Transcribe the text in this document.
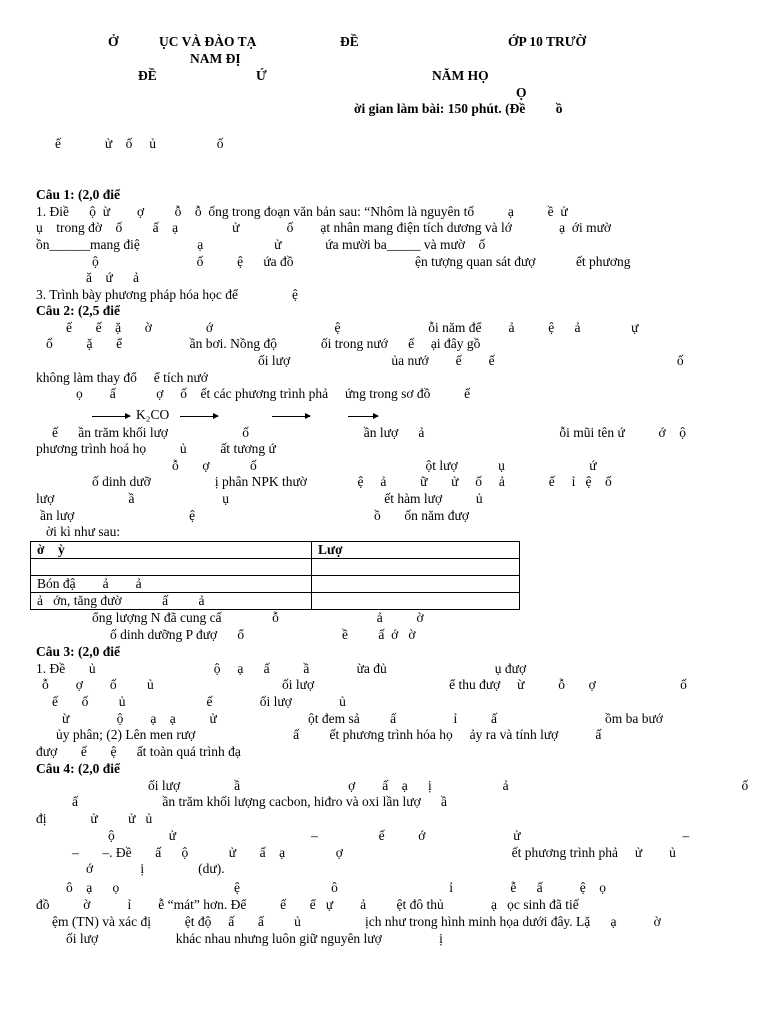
Ở            ỤC VÀ ĐÀO TẠ	ĐỀ	ỚP 10 TRƯỜ
NAM ĐỊ
ĐỀ	Ứ	NĂM HỌ
Ọ
ời gian làm bài: 150 phút. (Đề         ồ
ế             ử    ố     ủ                  ố
Câu 1: (2,0 điể
1. Điề      ộ  ừ        ợ         ỗ    ỗ  ống trong đoạn văn bản sau: “Nhôm là nguyên tố          ạ          ề  ử
ụ    trong đờ    ố         ấ    ạ                ử              ố        ạt nhân mang điện tích dương và lớ              ạ  ới mườ
ồn______mang điệ                 ạ                     ử             ứa mười ba_____ và mườ    ố
ộ                             ố          ệ      ứa đồ                                    ện tượng quan sát đượ            ết phương
ă    ứ      ả
3. Trình bày phương pháp hóa học để                ệ
Câu 2: (2,5 điể
ế       ế    ặ       ờ                ớ                                    ệ                          ỗi năm để        ả          ệ      ả               ự
ố          ặ       ể                    ần bơi. Nồng độ             ối trong nướ      ế     ại đây gồ
ối lượ                              ủa nướ        ế        ế                                                      ố
không làm thay đổ     ể tích nướ
ọ        ấ            ợ     ố    ết các phương trình phả     ứng trong sơ đồ          ế
K₂CO
ế      ần trăm khối lượ                      ố                                  ần lượ      ả                                        ỗi mũi tên ứ          ớ    ộ
phương trình hoá họ          ủ          ất tương ứ
ỗ       ợ            ố                                                  ột lượ            ụ                         ứ
ố dinh dưỡ                   ị phân NPK thườ               ệ     ả          ữ       ử     ố     ả             ế     ỉ   ệ    ố
lượ                      ầ                          ụ                                              ết hàm lượ          ủ
ần lượ                                  ệ                                                     ồ       ốn năm đượ
ời kì như sau:
ờ    ỳ	Lượ

Bón đậ        ả        ả	
ả   ớn, tăng đườ            ấ         ả	
ổng lượng N đã cung cấ               ỗ                             ả          ờ
ố dinh dưỡng P đượ      ổ                             ề         ấ  ớ   ờ
Câu 3: (2,0 điể
1. Đề       ủ                                   ộ     ạ      ấ          ầ              ừa đủ                                ụ đượ
ỗ        ợ        ố         ủ                                      ối lượ                                        ể thu đượ     ừ          ỗ       ợ                         ố
ế       ố         ủ                        ế              ối lượ              ủ
ừ              ộ        ạ    ạ          ử                           ột đem sả         ấ                 ỉ          ấ                                ồm ba bướ
ủy phân; (2) Lên men rượ                             ấ         ết phương trình hóa họ     ảy ra và tính lượ           ấ
đượ       ế       ệ      ất toàn quá trình đạ
Câu 4: (2,0 điể
ối lượ                ầ                                ợ        ấ    ạ      ị                     ả                                                                     ố
ấ                         ần trăm khối lượng cacbon, hiđro và oxi lần lượ      ầ
đị             ử         ử   ủ
ộ                ử                                        –                  ế          ớ                          ử                                                –
–       –. Đề       ấ      ộ            ử       ấ    ạ               ợ                                                  ết phương trình phả     ử        ủ
ớ              ị                (dư).
ô    ạ      ọ                                  ệ                           ô                                 ỉ                 ễ      ấ           ệ    ọ
đồ          ờ           ỉ        ễ “mát” hơn. Để          ế       ể   ự        ả         ệt đô thủ              ạ   ọc sinh đã tiế
ệm (TN) và xác đị          ệt độ     ấ       ấ         ủ                   ịch như trong hình minh họa dưới đây. Lặ      ạ           ờ
ối lượ                       khác nhau nhưng luôn giữ nguyên lượ                 ị
